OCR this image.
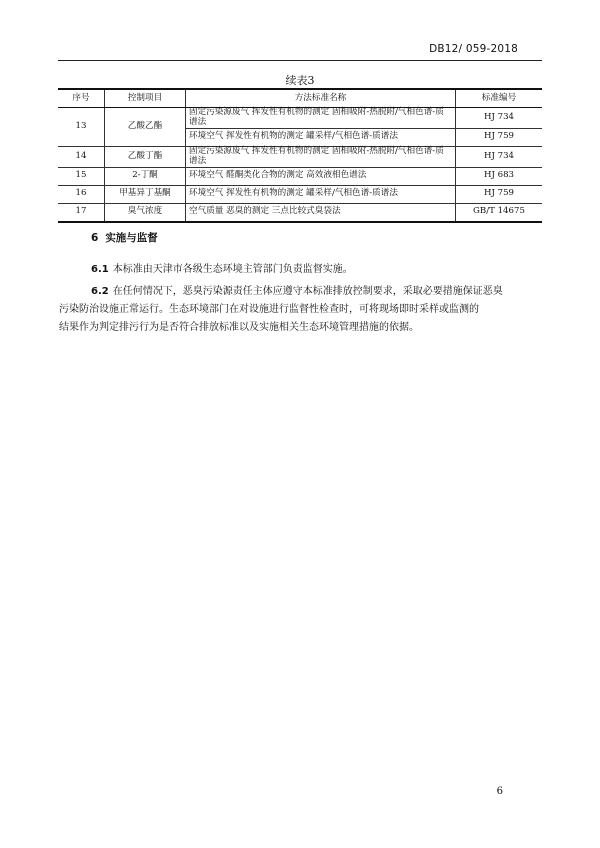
DB12/ 059-2018
续表3
序号	控制项目	方法标准名称	标准编号
13	乙酸乙酯	固定污染源废气 挥发性有机物的测定 固相吸附-热脱附/气相色谱-质谱法	HJ 734
		环境空气 挥发性有机物的测定 罐采样/气相色谱-质谱法	HJ 759
14	乙酸丁酯	固定污染源废气 挥发性有机物的测定 固相吸附-热脱附/气相色谱-质谱法	HJ 734
15	2-丁酮	环境空气 醛酮类化合物的测定 高效液相色谱法	HJ 683
16	甲基异丁基酮	环境空气 挥发性有机物的测定 罐采样/气相色谱-质谱法	HJ 759
17	臭气浓度	空气质量 恶臭的测定 三点比较式臭袋法	GB/T 14675
6 实施与监督
6.1 本标准由天津市各级生态环境主管部门负责监督实施。
6.2 在任何情况下，恶臭污染源责任主体应遵守本标准排放控制要求，采取必要措施保证恶臭
污染防治设施正常运行。生态环境部门在对设施进行监督性检查时，可将现场即时采样或监测的
结果作为判定排污行为是否符合排放标准以及实施相关生态环境管理措施的依据。
6
